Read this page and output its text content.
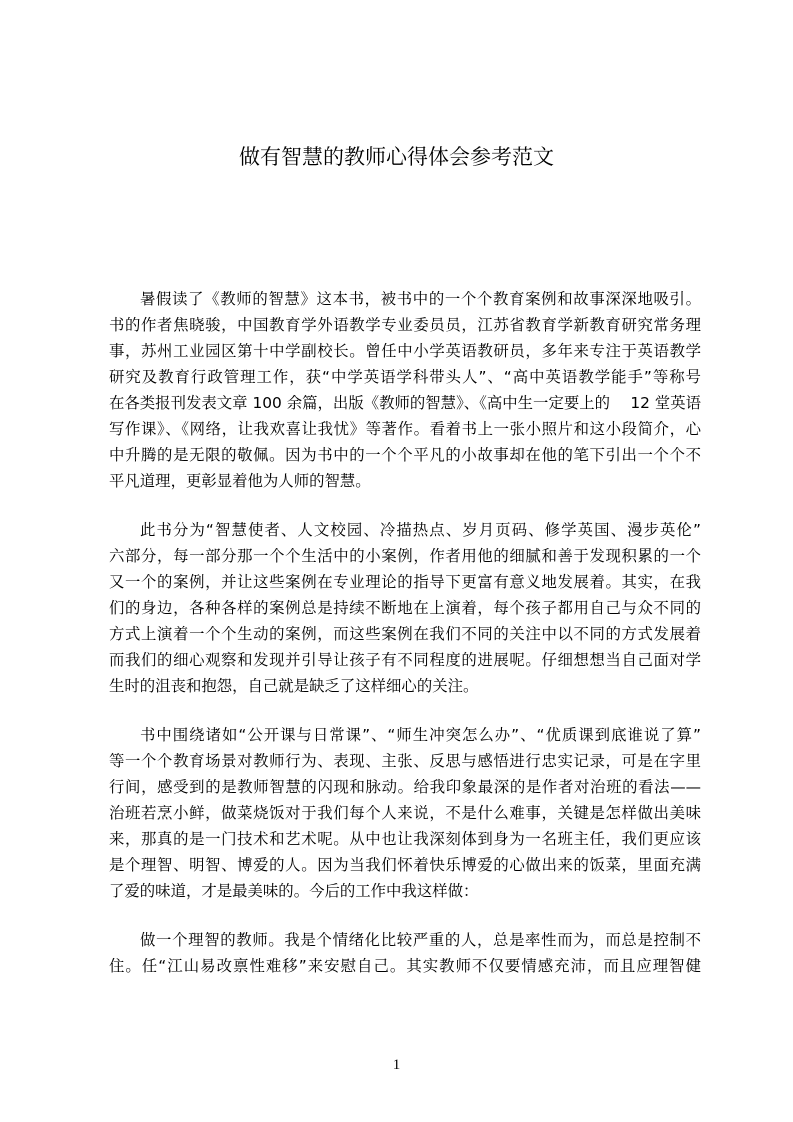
做有智慧的教师心得体会参考范文
暑假读了《教师的智慧》这本书，被书中的一个个教育案例和故事深深地吸引。
书的作者焦晓骏，中国教育学外语教学专业委员员，江苏省教育学新教育研究常务理
事，苏州工业园区第十中学副校长。曾任中小学英语教研员，多年来专注于英语教学
研究及教育行政管理工作，获“中学英语学科带头人”、“高中英语教学能手”等称号
在各类报刊发表文章 100 余篇，出版《教师的智慧》、《高中生一定要上的　 12 堂英语
写作课》、《网络，让我欢喜让我忧》等著作。看着书上一张小照片和这小段简介，心
中升腾的是无限的敬佩。因为书中的一个个平凡的小故事却在他的笔下引出一个个不
平凡道理，更彰显着他为人师的智慧。
此书分为“智慧使者、人文校园、冷描热点、岁月页码、修学英国、漫步英伦”
六部分，每一部分那一个个生活中的小案例，作者用他的细腻和善于发现积累的一个
又一个的案例，并让这些案例在专业理论的指导下更富有意义地发展着。其实，在我
们的身边，各种各样的案例总是持续不断地在上演着，每个孩子都用自己与众不同的
方式上演着一个个生动的案例，而这些案例在我们不同的关注中以不同的方式发展着
而我们的细心观察和发现并引导让孩子有不同程度的进展呢。仔细想想当自己面对学
生时的沮丧和抱怨，自己就是缺乏了这样细心的关注。
书中围绕诸如“公开课与日常课”、“师生冲突怎么办”、“优质课到底谁说了算”
等一个个教育场景对教师行为、表现、主张、反思与感悟进行忠实记录，可是在字里
行间，感受到的是教师智慧的闪现和脉动。给我印象最深的是作者对治班的看法——
治班若烹小鲜，做菜烧饭对于我们每个人来说，不是什么难事，关键是怎样做出美味
来，那真的是一门技术和艺术呢。从中也让我深刻体到身为一名班主任，我们更应该
是个理智、明智、博爱的人。因为当我们怀着快乐博爱的心做出来的饭菜，里面充满
了爱的味道，才是最美味的。今后的工作中我这样做：
做一个理智的教师。我是个情绪化比较严重的人，总是率性而为，而总是控制不
住。任“江山易改禀性难移”来安慰自己。其实教师不仅要情感充沛，而且应理智健
1
